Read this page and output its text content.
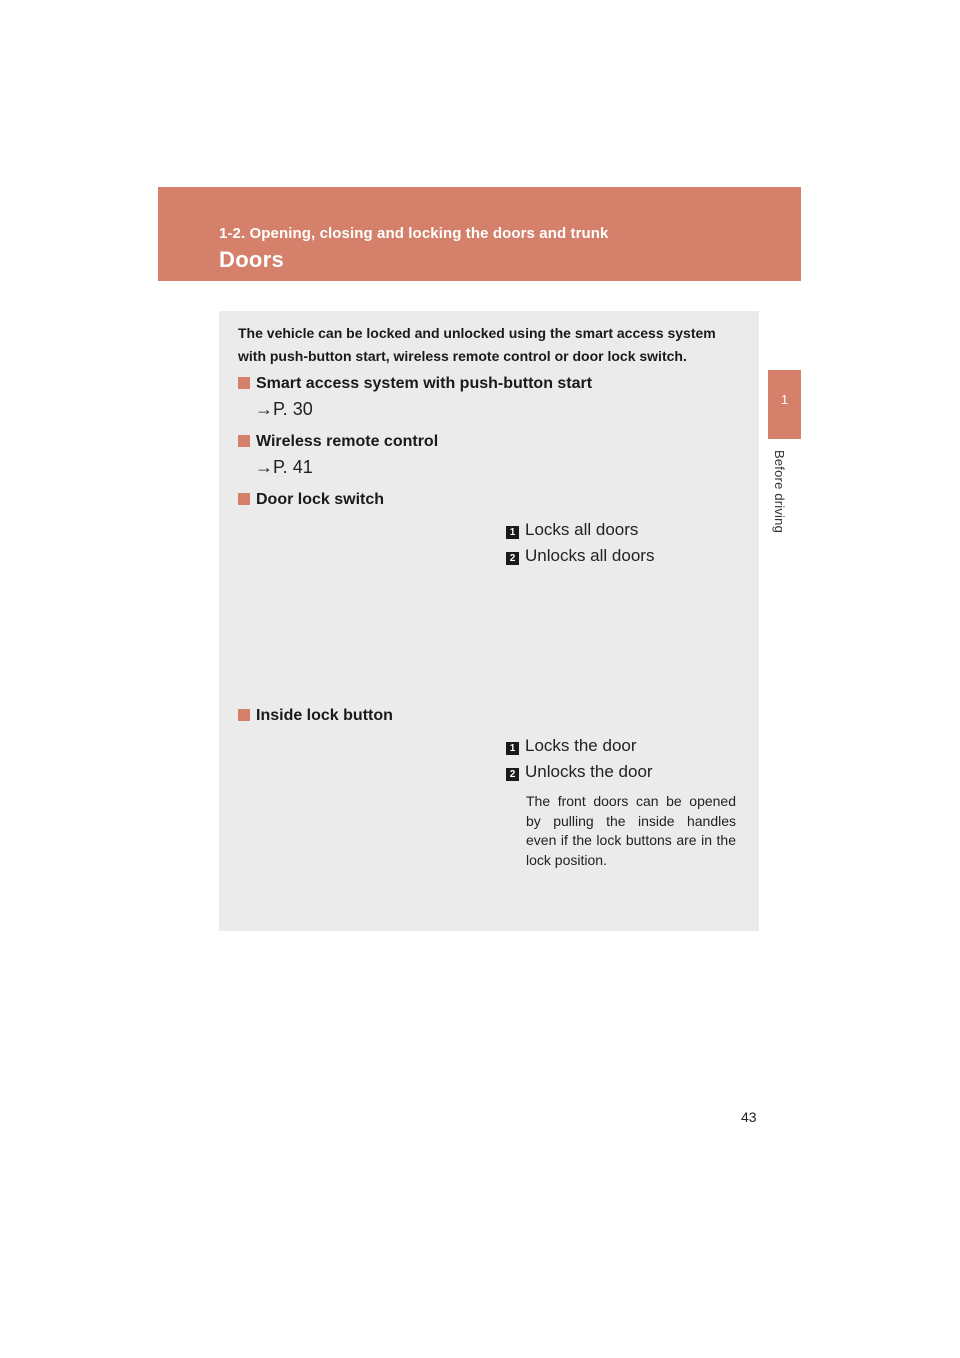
1-2. Opening, closing and locking the doors and trunk
Doors
1
Before driving
The vehicle can be locked and unlocked using the smart access system with push-button start, wireless remote control or door lock switch.
Smart access system with push-button start
→P. 30
Wireless remote control
→P. 41
Door lock switch
1 Locks all doors
2 Unlocks all doors
Inside lock button
1 Locks the door
2 Unlocks the door
The front doors can be opened by pulling the inside handles even if the lock buttons are in the lock position.
43
